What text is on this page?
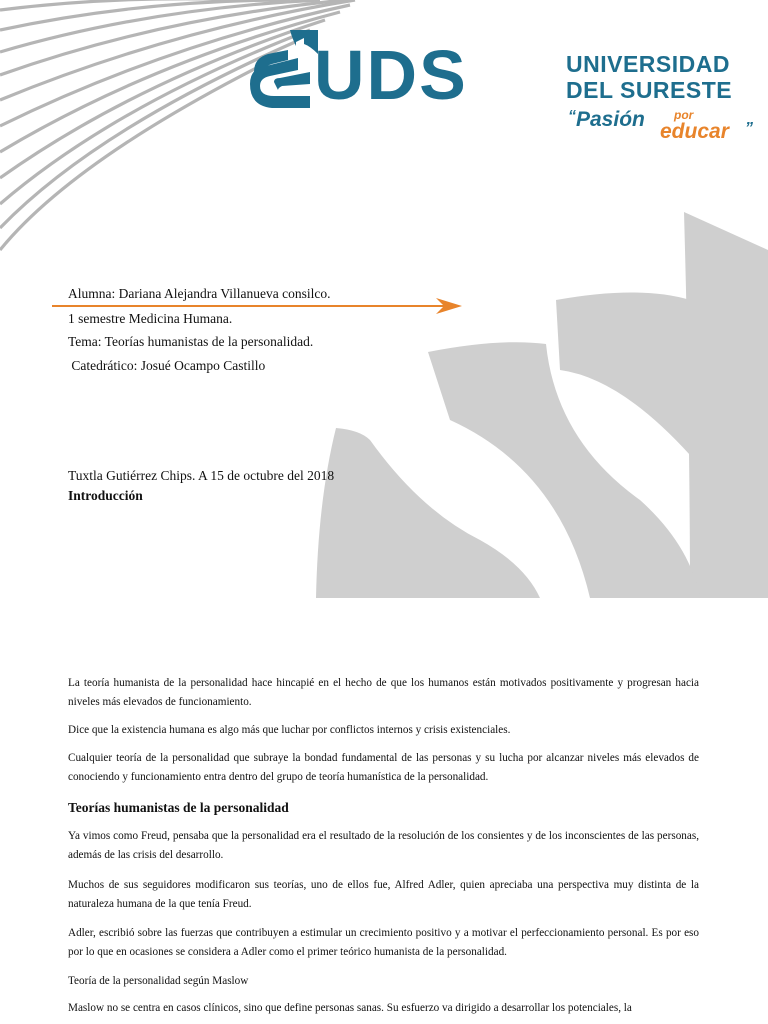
UDS	UNIVERSIDAD
DEL SURESTE
“ Pasión por
educar ”
Alumna: Dariana Alejandra Villanueva consilco.
1 semestre Medicina Humana.
Tema: Teorías humanistas de la personalidad.
Catedrático: Josué Ocampo Castillo
Tuxtla Gutiérrez Chips. A 15 de octubre del 2018
Introducción

La teoría humanista de la personalidad hace hincapié en el hecho de que los humanos están motivados positivamente y progresan hacia niveles más elevados de funcionamiento.

Dice que la existencia humana es algo más que luchar por conflictos internos y crisis existenciales.

Cualquier teoría de la personalidad que subraye la bondad fundamental de las personas y su lucha por alcanzar niveles más elevados de conociendo y funcionamiento entra dentro del grupo de teoría humanística de la personalidad.

Teorías humanistas de la personalidad

Ya vimos como Freud, pensaba que la personalidad era el resultado de la resolución de los consientes y de los inconscientes de las personas, además de las crisis del desarrollo.

Muchos de sus seguidores modificaron sus teorías, uno de ellos fue, Alfred Adler, quien apreciaba una perspectiva muy distinta de la naturaleza humana de la que tenía Freud.

Adler, escribió sobre las fuerzas que contribuyen a estimular un crecimiento positivo y a motivar el perfeccionamiento personal. Es por eso por lo que en ocasiones se considera a Adler como el primer teórico humanista de la personalidad.

Teoría de la personalidad según Maslow

Maslow no se centra en casos clínicos, sino que define personas sanas. Su esfuerzo va dirigido a desarrollar los potenciales, la
